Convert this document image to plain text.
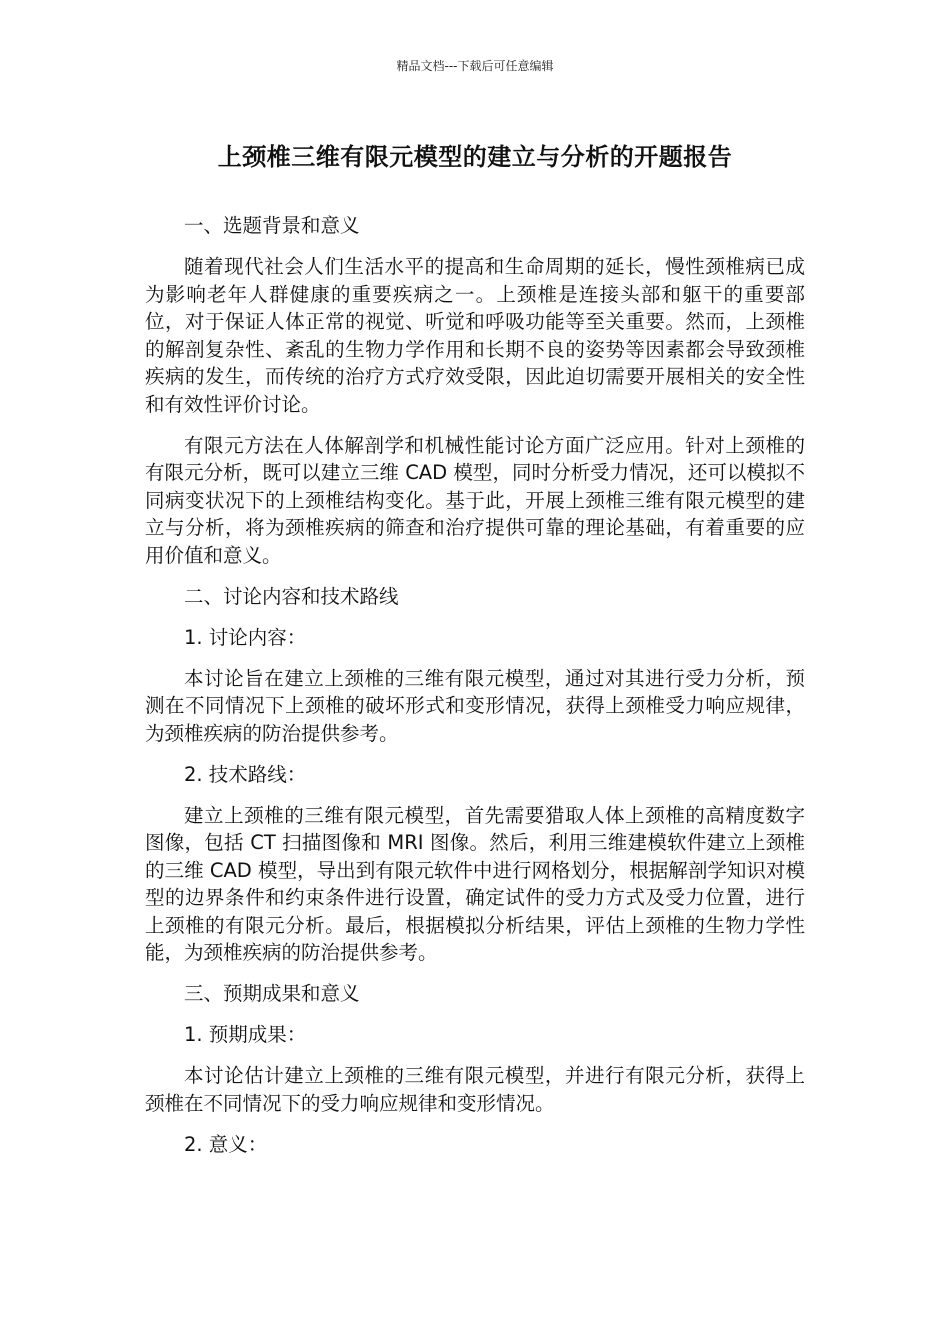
精品文档---下载后可任意编辑
上颈椎三维有限元模型的建立与分析的开题报告

一、选题背景和意义

随着现代社会人们生活水平的提高和生命周期的延长，慢性颈椎病已成为影响老年人群健康的重要疾病之一。上颈椎是连接头部和躯干的重要部位，对于保证人体正常的视觉、听觉和呼吸功能等至关重要。然而，上颈椎的解剖复杂性、紊乱的生物力学作用和长期不良的姿势等因素都会导致颈椎疾病的发生，而传统的治疗方式疗效受限，因此迫切需要开展相关的安全性和有效性评价讨论。

有限元方法在人体解剖学和机械性能讨论方面广泛应用。针对上颈椎的有限元分析，既可以建立三维 CAD 模型，同时分析受力情况，还可以模拟不同病变状况下的上颈椎结构变化。基于此，开展上颈椎三维有限元模型的建立与分析，将为颈椎疾病的筛查和治疗提供可靠的理论基础，有着重要的应用价值和意义。

二、讨论内容和技术路线

1. 讨论内容：

本讨论旨在建立上颈椎的三维有限元模型，通过对其进行受力分析，预测在不同情况下上颈椎的破坏形式和变形情况，获得上颈椎受力响应规律，为颈椎疾病的防治提供参考。

2. 技术路线：

建立上颈椎的三维有限元模型，首先需要猎取人体上颈椎的高精度数字图像，包括 CT 扫描图像和 MRI 图像。然后，利用三维建模软件建立上颈椎的三维 CAD 模型，导出到有限元软件中进行网格划分，根据解剖学知识对模型的边界条件和约束条件进行设置，确定试件的受力方式及受力位置，进行上颈椎的有限元分析。最后，根据模拟分析结果，评估上颈椎的生物力学性能，为颈椎疾病的防治提供参考。

三、预期成果和意义

1. 预期成果：

本讨论估计建立上颈椎的三维有限元模型，并进行有限元分析，获得上颈椎在不同情况下的受力响应规律和变形情况。

2. 意义：
